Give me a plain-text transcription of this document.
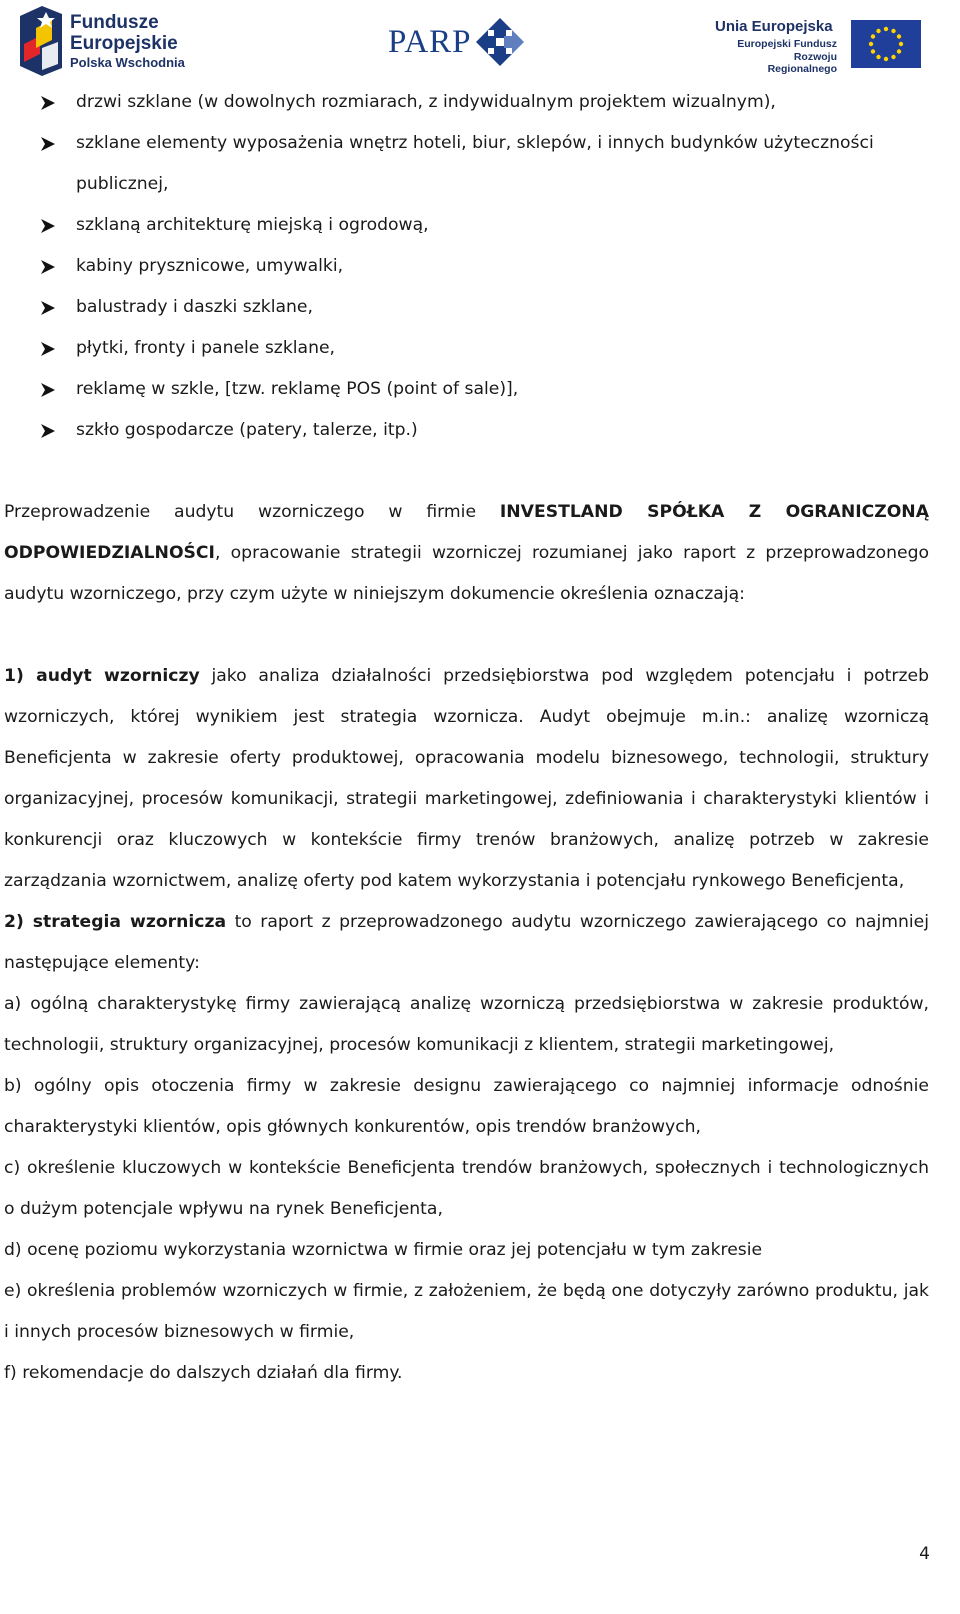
Fundusze
Europejskie
Polska Wschodnia
PARP	Unia Europejska
Europejski Fundusz
Rozwoju Regionalnego
drzwi szklane (w dowolnych rozmiarach, z indywidualnym projektem wizualnym),
szklane elementy wyposażenia wnętrz hoteli, biur, sklepów, i innych budynków użyteczności publicznej,
szklaną architekturę miejską i ogrodową,
kabiny prysznicowe, umywalki,
balustrady i daszki szklane,
płytki, fronty i panele szklane,
reklamę w szkle, [tzw. reklamę POS (point of sale)],
szkło gospodarcze (patery, talerze, itp.)

Przeprowadzenie audytu wzorniczego w firmie INVESTLAND SPÓŁKA Z OGRANICZONĄ ODPOWIEDZIALNOŚCI, opracowanie strategii wzorniczej rozumianej jako raport z przeprowadzonego audytu wzorniczego, przy czym użyte w niniejszym dokumencie określenia oznaczają:

1) audyt wzorniczy jako analiza działalności przedsiębiorstwa pod względem potencjału i potrzeb wzorniczych, której wynikiem jest strategia wzornicza. Audyt obejmuje m.in.: analizę wzorniczą Beneficjenta w zakresie oferty produktowej, opracowania modelu biznesowego, technologii, struktury organizacyjnej, procesów komunikacji, strategii marketingowej, zdefiniowania i charakterystyki klientów i konkurencji oraz kluczowych w kontekście firmy trenów branżowych, analizę potrzeb w zakresie zarządzania wzornictwem, analizę oferty pod katem wykorzystania i potencjału rynkowego Beneficjenta,

2) strategia wzornicza to raport z przeprowadzonego audytu wzorniczego zawierającego co najmniej następujące elementy:

a) ogólną charakterystykę firmy zawierającą analizę wzorniczą przedsiębiorstwa w zakresie produktów, technologii, struktury organizacyjnej, procesów komunikacji z klientem, strategii marketingowej,

b) ogólny opis otoczenia firmy w zakresie designu zawierającego co najmniej informacje odnośnie charakterystyki klientów, opis głównych konkurentów, opis trendów branżowych,

c) określenie kluczowych w kontekście Beneficjenta trendów branżowych, społecznych i technologicznych o dużym potencjale wpływu na rynek Beneficjenta,

d) ocenę poziomu wykorzystania wzornictwa w firmie oraz jej potencjału w tym zakresie

e) określenia problemów wzorniczych w firmie, z założeniem, że będą one dotyczyły zarówno produktu, jak i innych procesów biznesowych w firmie,

f) rekomendacje do dalszych działań dla firmy.

4
